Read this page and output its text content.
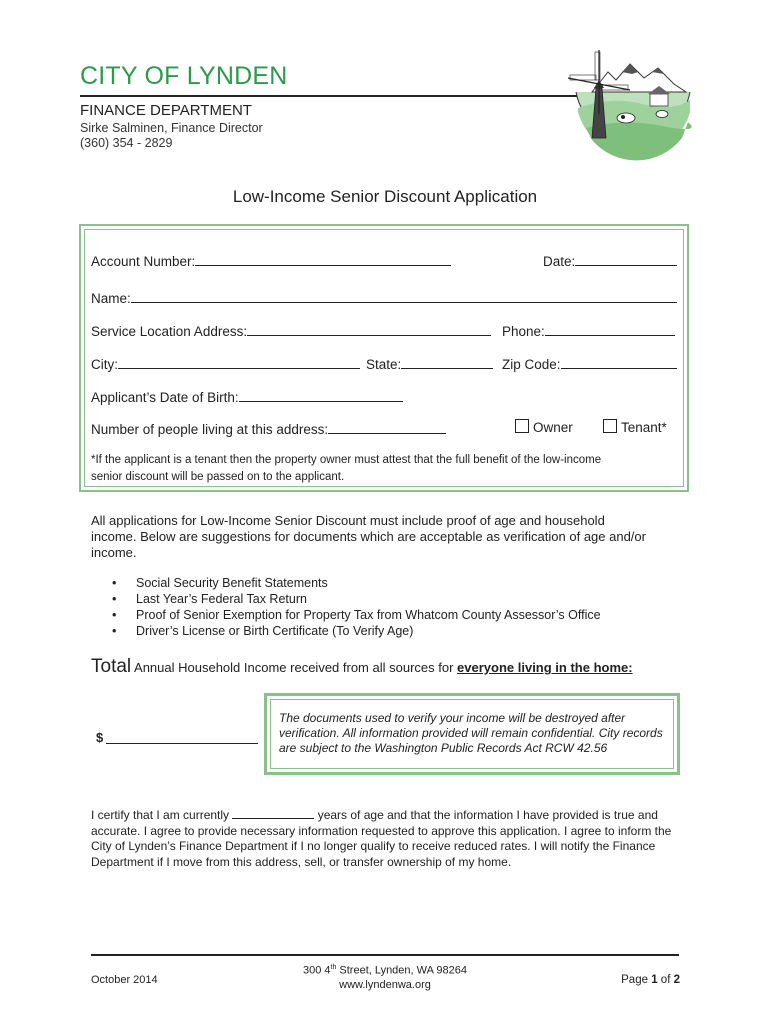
CITY OF LYNDEN
FINANCE DEPARTMENT
Sirke Salminen, Finance Director
(360) 354 - 2829
Low-Income Senior Discount Application
Account Number:	Date:
Name:
Service Location Address:	Phone:
City:	State:	Zip Code:
Applicant’s Date of Birth:
Number of people living at this address:	Owner	Tenant*
*If the applicant is a tenant then the property owner must attest that the full benefit of the low-income
senior discount will be passed on to the applicant.
All applications for Low-Income Senior Discount must include proof of age and household income. Below are suggestions for documents which are acceptable as verification of age and/or income.
• Social Security Benefit Statements
• Last Year’s Federal Tax Return
• Proof of Senior Exemption for Property Tax from Whatcom County Assessor’s Office
• Driver’s License or Birth Certificate (To Verify Age)
Total Annual Household Income received from all sources for everyone living in the home:
$
The documents used to verify your income will be destroyed after verification. All information provided will remain confidential. City records are subject to the Washington Public Records Act RCW 42.56
I certify that I am currently	years of age and that the information I have provided is true and accurate. I agree to provide necessary information requested to approve this application. I agree to inform the City of Lynden’s Finance Department if I no longer qualify to receive reduced rates. I will notify the Finance Department if I move from this address, sell, or transfer ownership of my home.
October 2014
300 4th Street, Lynden, WA 98264
www.lyndenwa.org	Page 1 of 2
